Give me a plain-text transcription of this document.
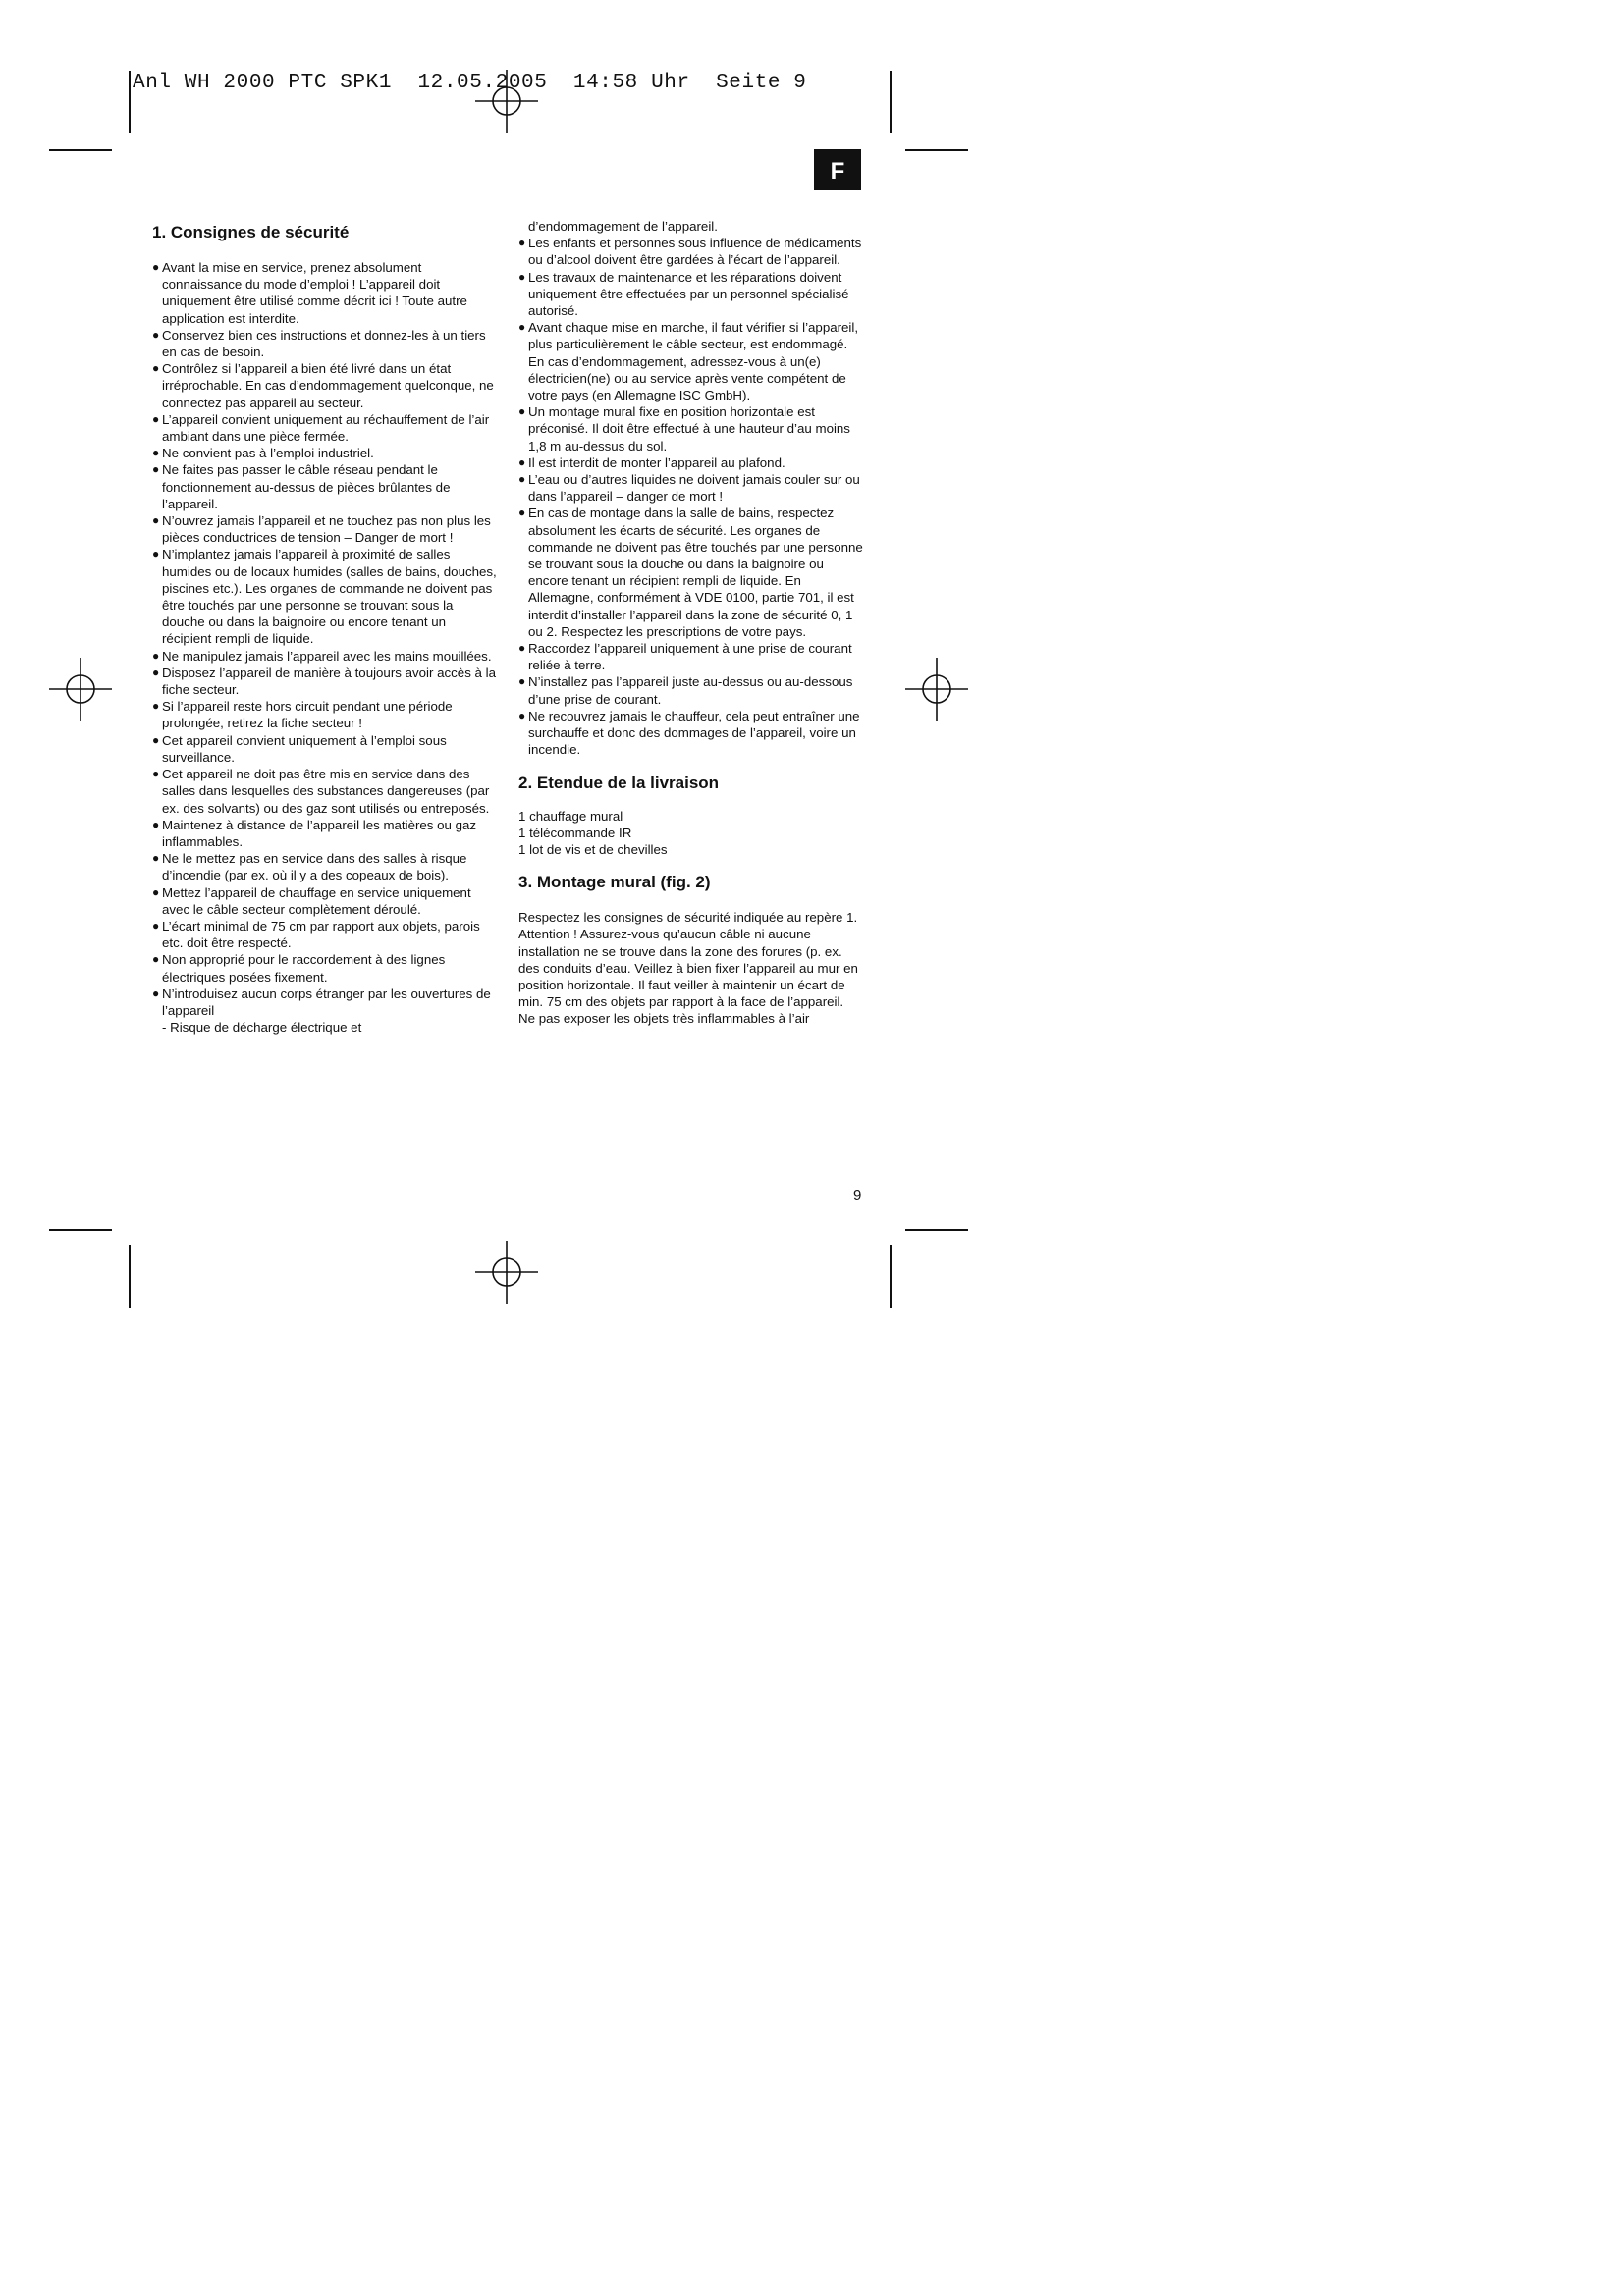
Anl WH 2000 PTC SPK1  12.05.2005  14:58 Uhr  Seite 9
F
1. Consignes de sécurité
● Avant la mise en service, prenez absolument connaissance du mode d’emploi ! L’appareil doit uniquement être utilisé comme décrit ici ! Toute autre application est interdite.
● Conservez bien ces instructions et donnez-les à un tiers en cas de besoin.
● Contrôlez si l’appareil a bien été livré dans un état irréprochable. En cas d’endommagement quelconque, ne connectez pas appareil au secteur.
● L’appareil convient uniquement au réchauffement de l’air ambiant dans une pièce fermée.
● Ne convient pas à l’emploi industriel.
● Ne faites pas passer le câble réseau pendant le fonctionnement au-dessus de pièces brûlantes de l’appareil.
● N’ouvrez jamais l’appareil et ne touchez pas non plus les pièces conductrices de tension – Danger de mort !
● N’implantez jamais l’appareil à proximité de salles humides ou de locaux humides (salles de bains, douches, piscines etc.). Les organes de commande ne doivent pas être touchés par une personne se trouvant sous la douche ou dans la baignoire ou encore tenant un récipient rempli de liquide.
● Ne manipulez jamais l’appareil avec les mains mouillées.
● Disposez l’appareil de manière à toujours avoir accès à la fiche secteur.
● Si l’appareil reste hors circuit pendant une période prolongée, retirez la fiche secteur !
● Cet appareil convient uniquement à l’emploi sous surveillance.
● Cet appareil ne doit pas être mis en service dans des salles dans lesquelles des substances dangereuses (par ex. des solvants) ou des gaz sont utilisés ou entreposés.
● Maintenez à distance de l’appareil les matières ou gaz inflammables.
● Ne le mettez pas en service dans des salles à risque d’incendie (par ex. où il y a des copeaux de bois).
● Mettez l’appareil de chauffage en service uniquement avec le câble secteur complètement déroulé.
● L’écart minimal de 75 cm par rapport aux objets, parois etc. doit être respecté.
● Non approprié pour le raccordement à des lignes électriques posées fixement.
● N’introduisez aucun corps étranger par les ouvertures de l’appareil

- Risque de décharge électrique et

d’endommagement de l’appareil.

● Les enfants et personnes sous influence de médicaments ou d’alcool doivent être gardées à l’écart de l’appareil.
● Les travaux de maintenance et les réparations doivent uniquement être effectuées par un personnel spécialisé autorisé.
● Avant chaque mise en marche, il faut vérifier si l’appareil, plus particulièrement le câble secteur, est endommagé. En cas d’endommagement, adressez-vous à un(e) électricien(ne) ou au service après vente compétent de votre pays (en Allemagne ISC GmbH).
● Un montage mural fixe en position horizontale est préconisé. Il doit être effectué à une hauteur d’au moins 1,8 m au-dessus du sol.
● Il est interdit de monter l’appareil au plafond.
● L’eau ou d’autres liquides ne doivent jamais couler sur ou dans l’appareil – danger de mort !
● En cas de montage dans la salle de bains, respectez absolument les écarts de sécurité. Les organes de commande ne doivent pas être touchés par une personne se trouvant sous la douche ou dans la baignoire ou encore tenant un récipient rempli de liquide. En Allemagne, conformément à VDE 0100, partie 701, il est interdit d’installer l’appareil dans la zone de sécurité 0, 1 ou 2. Respectez les prescriptions de votre pays.
● Raccordez l’appareil uniquement à une prise de courant reliée à terre.
● N’installez pas l’appareil juste au-dessus ou au-dessous d’une prise de courant.
● Ne recouvrez jamais le chauffeur, cela peut entraîner une surchauffe et donc des dommages de l’appareil, voire un incendie.
2. Etendue de la livraison

1 chauffage mural

1 télécommande IR

1 lot de vis et de chevilles

3. Montage mural (fig. 2)

Respectez les consignes de sécurité indiquée au repère 1.

Attention ! Assurez-vous qu’aucun câble ni aucune installation ne se trouve dans la zone des forures (p. ex. des conduits d’eau. Veillez à bien fixer l’appareil au mur en position horizontale. Il faut veiller à maintenir un écart de min. 75 cm des objets par rapport à la face de l’appareil.

Ne pas exposer les objets très inflammables à l’air

9
